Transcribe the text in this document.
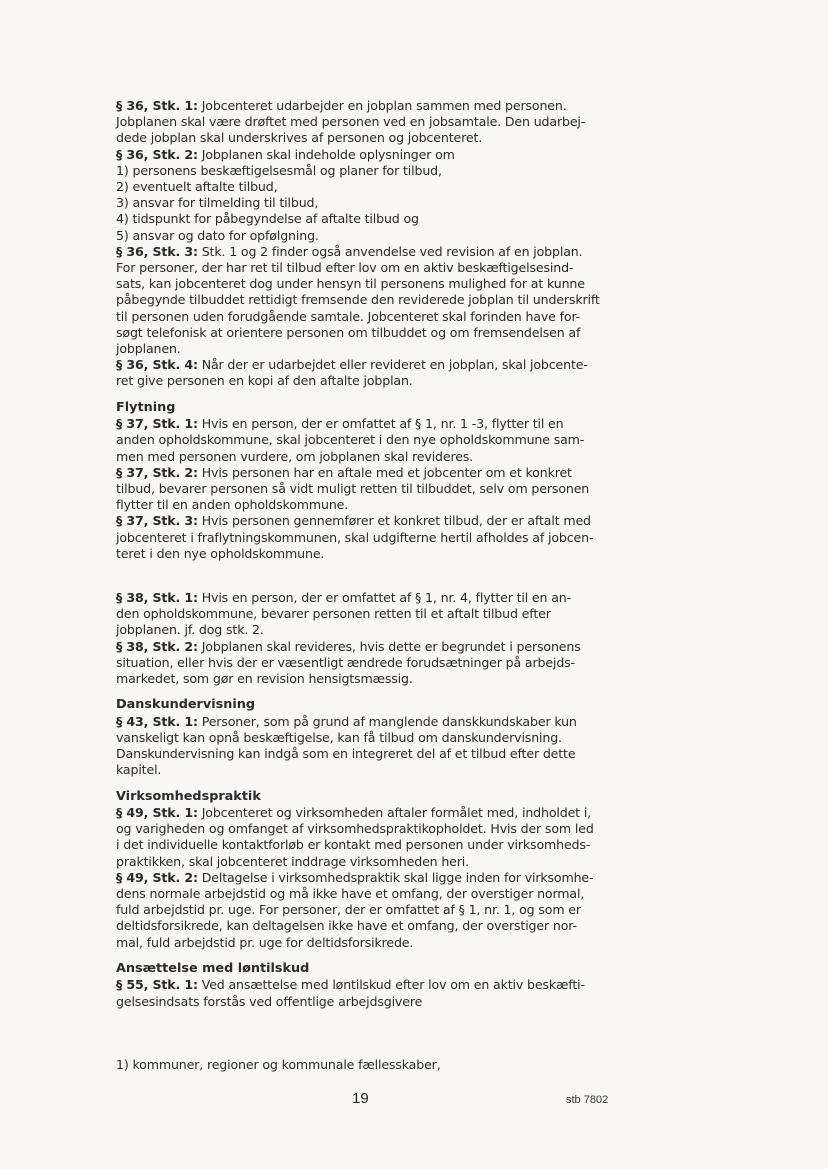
§ 36, Stk. 1: Jobcenteret udarbejder en jobplan sammen med personen.
Jobplanen skal være drøftet med personen ved en jobsamtale. Den udarbej-
dede jobplan skal underskrives af personen og jobcenteret.
§ 36, Stk. 2: Jobplanen skal indeholde oplysninger om
1) personens beskæftigelsesmål og planer for tilbud,
2) eventuelt aftalte tilbud,
3) ansvar for tilmelding til tilbud,
4) tidspunkt for påbegyndelse af aftalte tilbud og
5) ansvar og dato for opfølgning.
§ 36, Stk. 3: Stk. 1 og 2 finder også anvendelse ved revision af en jobplan.
For personer, der har ret til tilbud efter lov om en aktiv beskæftigelsesind-
sats, kan jobcenteret dog under hensyn til personens mulighed for at kunne
påbegynde tilbuddet rettidigt fremsende den reviderede jobplan til underskrift
til personen uden forudgående samtale. Jobcenteret skal forinden have for-
søgt telefonisk at orientere personen om tilbuddet og om fremsendelsen af
jobplanen.
§ 36, Stk. 4: Når der er udarbejdet eller revideret en jobplan, skal jobcente-
ret give personen en kopi af den aftalte jobplan.
Flytning
§ 37, Stk. 1: Hvis en person, der er omfattet af § 1, nr. 1 -3, flytter til en
anden opholdskommune, skal jobcenteret i den nye opholdskommune sam-
men med personen vurdere, om jobplanen skal revideres.
§ 37, Stk. 2: Hvis personen har en aftale med et jobcenter om et konkret
tilbud, bevarer personen så vidt muligt retten til tilbuddet, selv om personen
flytter til en anden opholdskommune.
§ 37, Stk. 3: Hvis personen gennemfører et konkret tilbud, der er aftalt med
jobcenteret i fraflytningskommunen, skal udgifterne hertil afholdes af jobcen-
teret i den nye opholdskommune.
§ 38, Stk. 1: Hvis en person, der er omfattet af § 1, nr. 4, flytter til en an-
den opholdskommune, bevarer personen retten til et aftalt tilbud efter
jobplanen. jf. dog stk. 2.
§ 38, Stk. 2: Jobplanen skal revideres, hvis dette er begrundet i personens
situation, eller hvis der er væsentligt ændrede forudsætninger på arbejds-
markedet, som gør en revision hensigtsmæssig.
Danskundervisning
§ 43, Stk. 1: Personer, som på grund af manglende danskkundskaber kun
vanskeligt kan opnå beskæftigelse, kan få tilbud om danskundervisning.
Danskundervisning kan indgå som en integreret del af et tilbud efter dette
kapitel.
Virksomhedspraktik
§ 49, Stk. 1: Jobcenteret og virksomheden aftaler formålet med, indholdet i,
og varigheden og omfanget af virksomhedspraktikopholdet. Hvis der som led
i det individuelle kontaktforløb er kontakt med personen under virksomheds-
praktikken, skal jobcenteret inddrage virksomheden heri.
§ 49, Stk. 2: Deltagelse i virksomhedspraktik skal ligge inden for virksomhe-
dens normale arbejdstid og må ikke have et omfang, der overstiger normal,
fuld arbejdstid pr. uge. For personer, der er omfattet af § 1, nr. 1, og som er
deltidsforsikrede, kan deltagelsen ikke have et omfang, der overstiger nor-
mal, fuld arbejdstid pr. uge for deltidsforsikrede.
Ansættelse med løntilskud
§ 55, Stk. 1: Ved ansættelse med løntilskud efter lov om en aktiv beskæfti-
gelsesindsats forstås ved offentlige arbejdsgivere
1) kommuner, regioner og kommunale fællesskaber,
19	stb 7802
